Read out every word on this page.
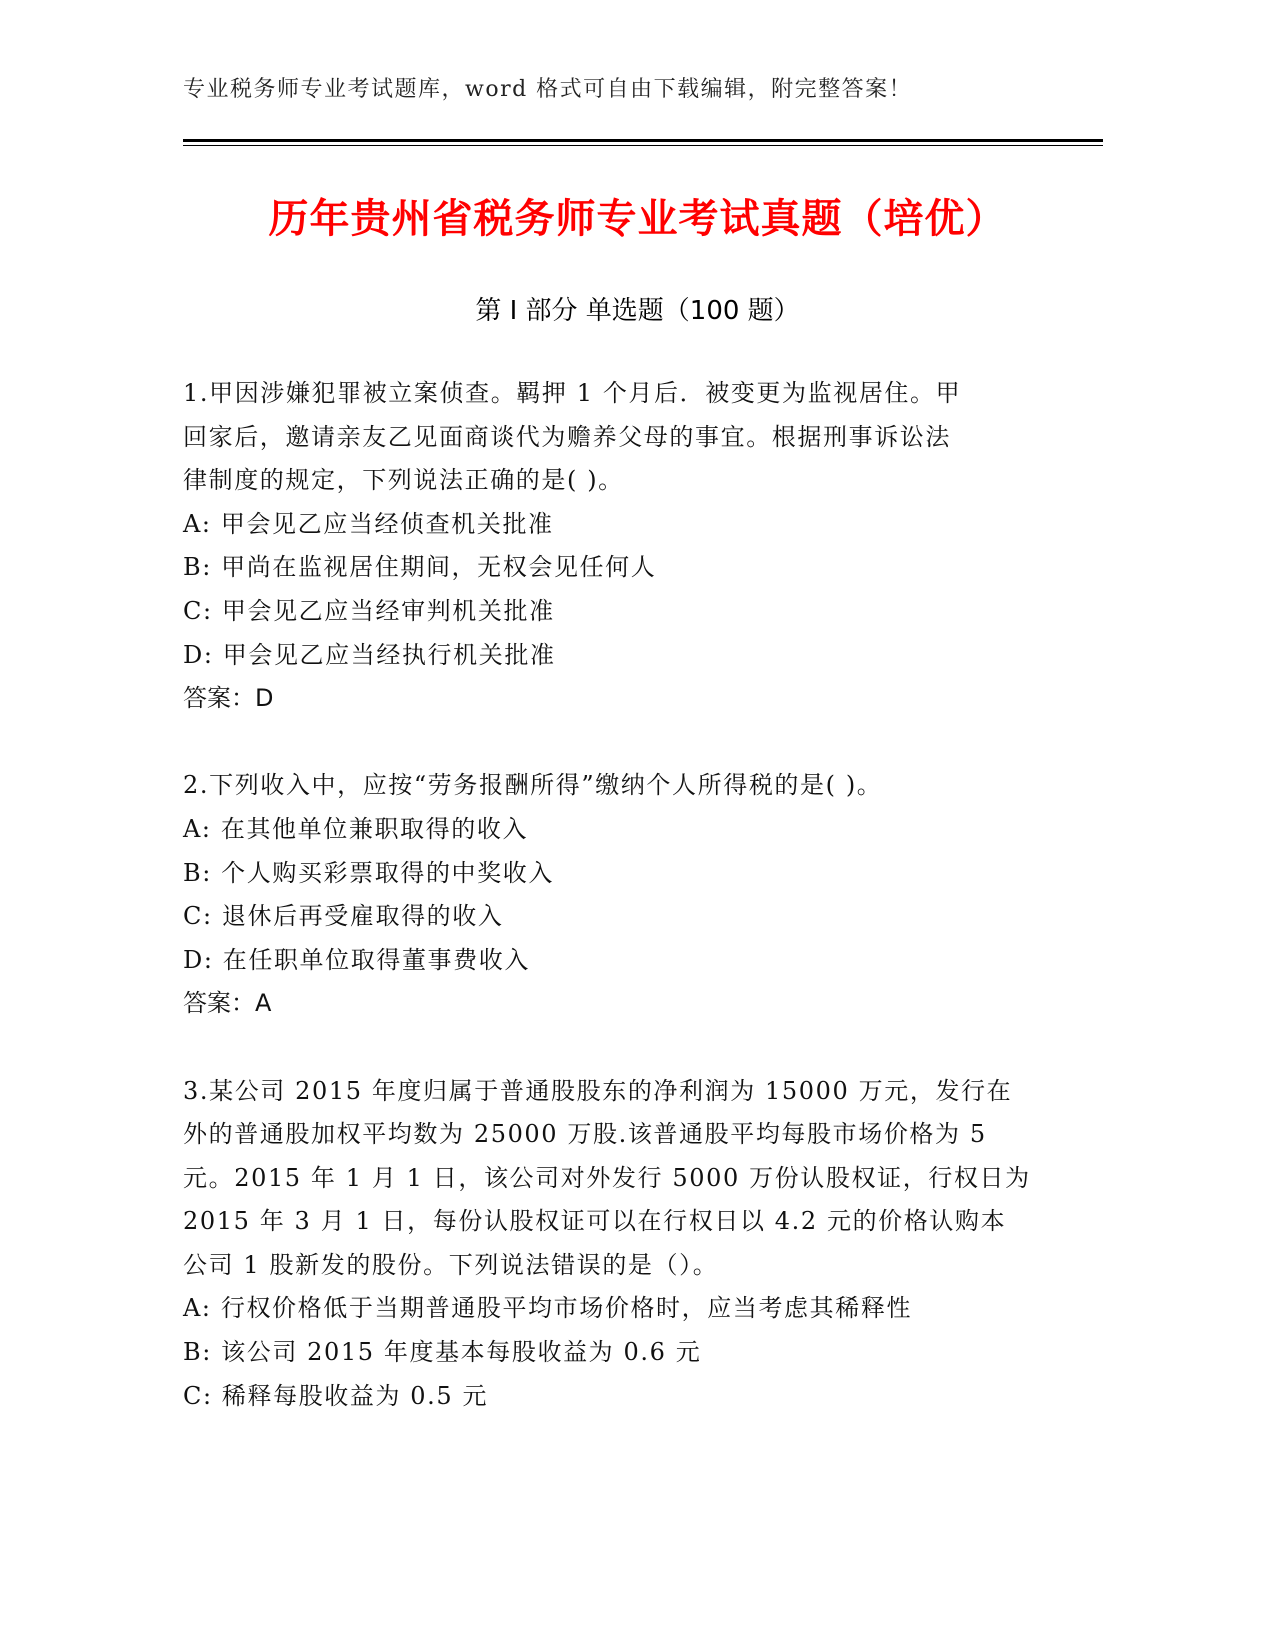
专业税务师专业考试题库，word 格式可自由下载编辑，附完整答案！
历年贵州省税务师专业考试真题（培优）
第 I 部分 单选题（100 题）
1.甲因涉嫌犯罪被立案侦查。羁押 1 个月后．被变更为监视居住。甲
回家后，邀请亲友乙见面商谈代为赡养父母的事宜。根据刑事诉讼法
律制度的规定，下列说法正确的是( )。
A: 甲会见乙应当经侦查机关批准
B: 甲尚在监视居住期间，无权会见任何人
C: 甲会见乙应当经审判机关批准
D: 甲会见乙应当经执行机关批准
答案：D
2.下列收入中，应按“劳务报酬所得”缴纳个人所得税的是( )。
A: 在其他单位兼职取得的收入
B: 个人购买彩票取得的中奖收入
C: 退休后再受雇取得的收入
D: 在任职单位取得董事费收入
答案：A
3.某公司 2015 年度归属于普通股股东的净利润为 15000 万元，发行在
外的普通股加权平均数为 25000 万股.该普通股平均每股市场价格为 5
元。2015 年 1 月 1 日，该公司对外发行 5000 万份认股权证，行权日为
2015 年 3 月 1 日，每份认股权证可以在行权日以 4.2 元的价格认购本
公司 1 股新发的股份。下列说法错误的是（）。
A: 行权价格低于当期普通股平均市场价格时，应当考虑其稀释性
B: 该公司 2015 年度基本每股收益为 0.6 元
C: 稀释每股收益为 0.5 元
